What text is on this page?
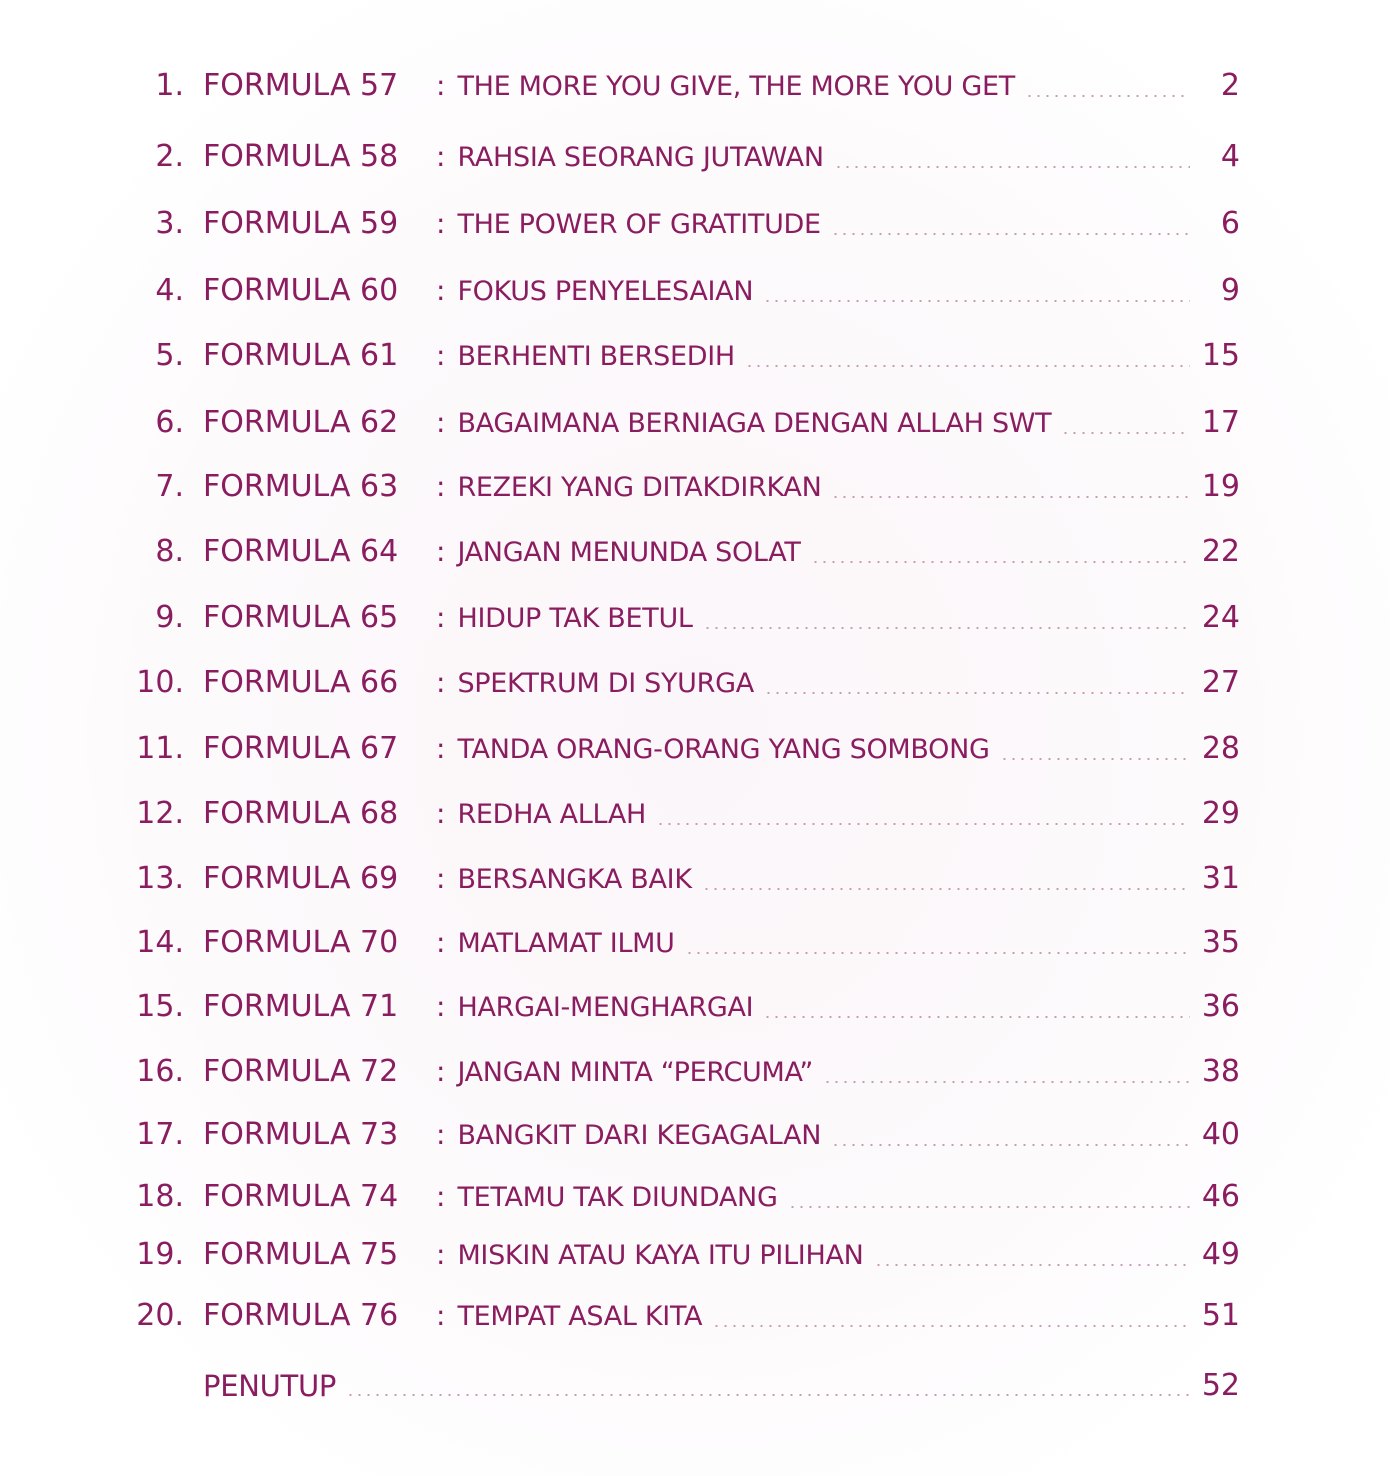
1. FORMULA 57	: THE MORE YOU GIVE, THE MORE YOU GET	2
2. FORMULA 58	: RAHSIA SEORANG JUTAWAN	4
3. FORMULA 59	: THE POWER OF GRATITUDE	6
4. FORMULA 60	: FOKUS PENYELESAIAN	9
5. FORMULA 61	: BERHENTI BERSEDIH	15
6. FORMULA 62	: BAGAIMANA BERNIAGA DENGAN ALLAH SWT	17
7. FORMULA 63	: REZEKI YANG DITAKDIRKAN	19
8. FORMULA 64	: JANGAN MENUNDA SOLAT	22
9. FORMULA 65	: HIDUP TAK BETUL	24
10. FORMULA 66	: SPEKTRUM DI SYURGA	27
11. FORMULA 67	: TANDA ORANG-ORANG YANG SOMBONG	28
12. FORMULA 68	: REDHA ALLAH	29
13. FORMULA 69	: BERSANGKA BAIK	31
14. FORMULA 70	: MATLAMAT ILMU	35
15. FORMULA 71	: HARGAI-MENGHARGAI	36
16. FORMULA 72	: JANGAN MINTA “PERCUMA”	38
17. FORMULA 73	: BANGKIT DARI KEGAGALAN	40
18. FORMULA 74	: TETAMU TAK DIUNDANG	46
19. FORMULA 75	: MISKIN ATAU KAYA ITU PILIHAN	49
20. FORMULA 76	: TEMPAT ASAL KITA	51
PENUTUP	52
